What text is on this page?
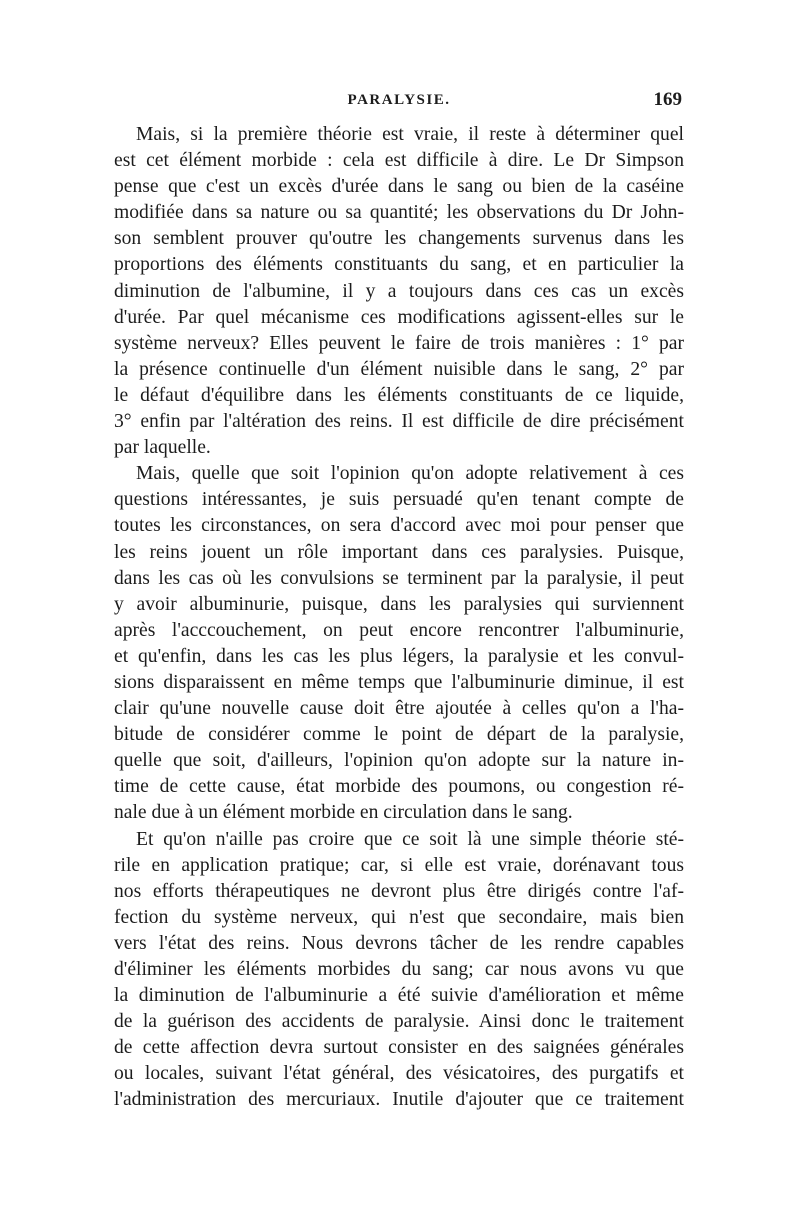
PARALYSIE.	169
Mais, si la première théorie est vraie, il reste à déterminer quel
est cet élément morbide : cela est difficile à dire. Le Dr Simpson
pense que c'est un excès d'urée dans le sang ou bien de la caséine
modifiée dans sa nature ou sa quantité; les observations du Dr John-
son semblent prouver qu'outre les changements survenus dans les
proportions des éléments constituants du sang, et en particulier la
diminution de l'albumine, il y a toujours dans ces cas un excès
d'urée. Par quel mécanisme ces modifications agissent-elles sur le
système nerveux? Elles peuvent le faire de trois manières : 1° par
la présence continuelle d'un élément nuisible dans le sang, 2° par
le défaut d'équilibre dans les éléments constituants de ce liquide,
3° enfin par l'altération des reins. Il est difficile de dire précisément
par laquelle.
Mais, quelle que soit l'opinion qu'on adopte relativement à ces
questions intéressantes, je suis persuadé qu'en tenant compte de
toutes les circonstances, on sera d'accord avec moi pour penser que
les reins jouent un rôle important dans ces paralysies. Puisque,
dans les cas où les convulsions se terminent par la paralysie, il peut
y avoir albuminurie, puisque, dans les paralysies qui surviennent
après l'acccouchement, on peut encore rencontrer l'albuminurie,
et qu'enfin, dans les cas les plus légers, la paralysie et les convul-
sions disparaissent en même temps que l'albuminurie diminue, il est
clair qu'une nouvelle cause doit être ajoutée à celles qu'on a l'ha-
bitude de considérer comme le point de départ de la paralysie,
quelle que soit, d'ailleurs, l'opinion qu'on adopte sur la nature in-
time de cette cause, état morbide des poumons, ou congestion ré-
nale due à un élément morbide en circulation dans le sang.
Et qu'on n'aille pas croire que ce soit là une simple théorie sté-
rile en application pratique; car, si elle est vraie, dorénavant tous
nos efforts thérapeutiques ne devront plus être dirigés contre l'af-
fection du système nerveux, qui n'est que secondaire, mais bien
vers l'état des reins. Nous devrons tâcher de les rendre capables
d'éliminer les éléments morbides du sang; car nous avons vu que
la diminution de l'albuminurie a été suivie d'amélioration et même
de la guérison des accidents de paralysie. Ainsi donc le traitement
de cette affection devra surtout consister en des saignées générales
ou locales, suivant l'état général, des vésicatoires, des purgatifs et
l'administration des mercuriaux. Inutile d'ajouter que ce traitement
